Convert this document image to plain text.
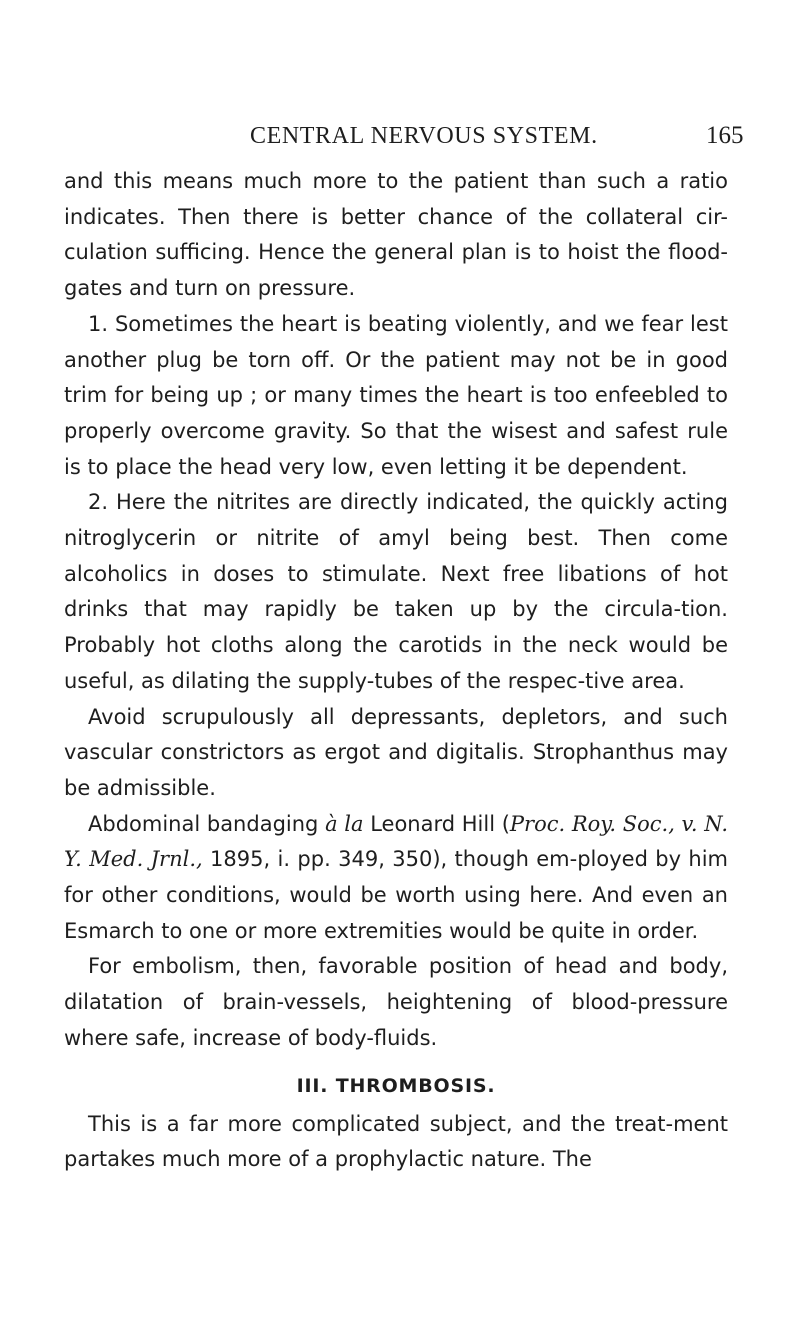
CENTRAL NERVOUS SYSTEM.	165

and this means much more to the patient than such a ratio indicates. Then there is better chance of the collateral cir-culation sufficing. Hence the general plan is to hoist the flood-gates and turn on pressure.

1. Sometimes the heart is beating violently, and we fear lest another plug be torn off. Or the patient may not be in good trim for being up ; or many times the heart is too enfeebled to properly overcome gravity. So that the wisest and safest rule is to place the head very low, even letting it be dependent.

2. Here the nitrites are directly indicated, the quickly acting nitroglycerin or nitrite of amyl being best. Then come alcoholics in doses to stimulate. Next free libations of hot drinks that may rapidly be taken up by the circula-tion. Probably hot cloths along the carotids in the neck would be useful, as dilating the supply-tubes of the respec-tive area.

Avoid scrupulously all depressants, depletors, and such vascular constrictors as ergot and digitalis. Strophanthus may be admissible.

Abdominal bandaging à la Leonard Hill (Proc. Roy. Soc., v. N. Y. Med. Jrnl., 1895, i. pp. 349, 350), though em-ployed by him for other conditions, would be worth using here. And even an Esmarch to one or more extremities would be quite in order.

For embolism, then, favorable position of head and body, dilatation of brain-vessels, heightening of blood-pressure where safe, increase of body-fluids.

III. THROMBOSIS.

This is a far more complicated subject, and the treat-ment partakes much more of a prophylactic nature. The
